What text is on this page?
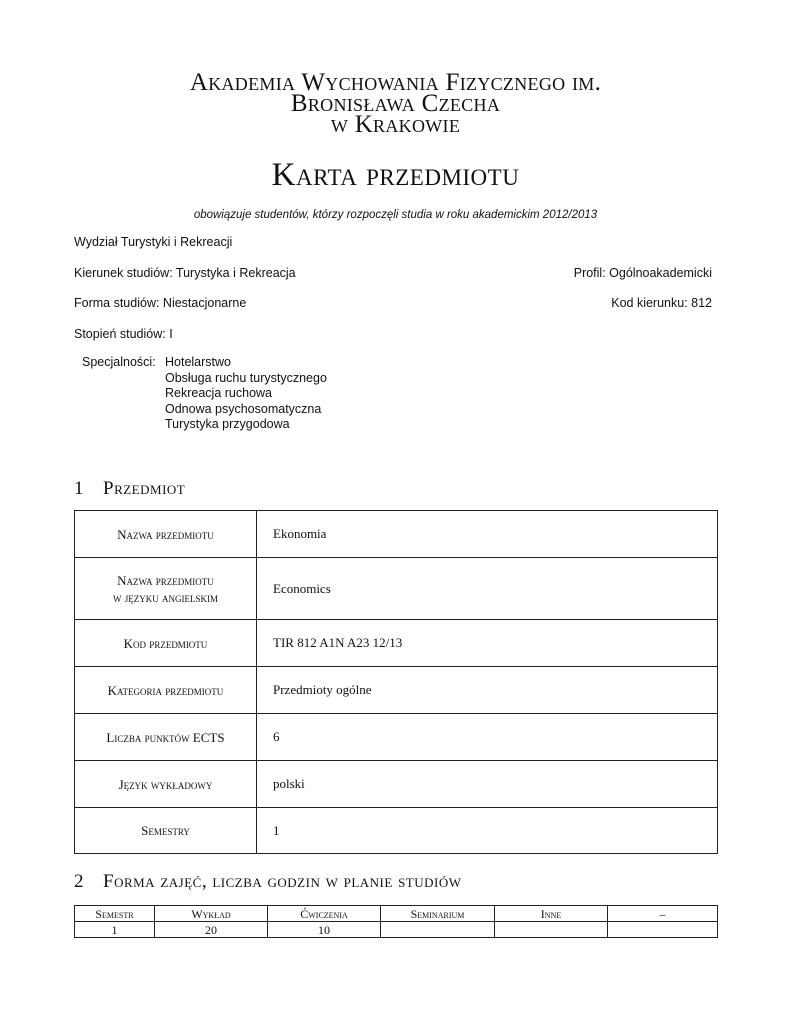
Akademia Wychowania Fizycznego im.
Bronisława Czecha
w Krakowie
Karta przedmiotu
obowiązuje studentów, którzy rozpoczęli studia w roku akademickim 2012/2013
Wydział Turystyki i Rekreacji
Kierunek studiów: Turystyka i Rekreacja	Profil: Ogólnoakademicki
Forma studiów: Niestacjonarne	Kod kierunku: 812
Stopień studiów: I
Specjalności: Hotelarstwo
Obsługa ruchu turystycznego
Rekreacja ruchowa
Odnowa psychosomatyczna
Turystyka przygodowa
1 Przedmiot
Nazwa przedmiotu	Ekonomia
Nazwa przedmiotu
w języku angielskim	Economics
Kod przedmiotu	TIR 812 A1N A23 12/13
Kategoria przedmiotu	Przedmioty ogólne
Liczba punktów ECTS	6
Język wykładowy	polski
Semestry	1
2 Forma zajęć, liczba godzin w planie studiów
Semestr	Wykład	Ćwiczenia	Seminarium	Inne	–
1	20	10			
